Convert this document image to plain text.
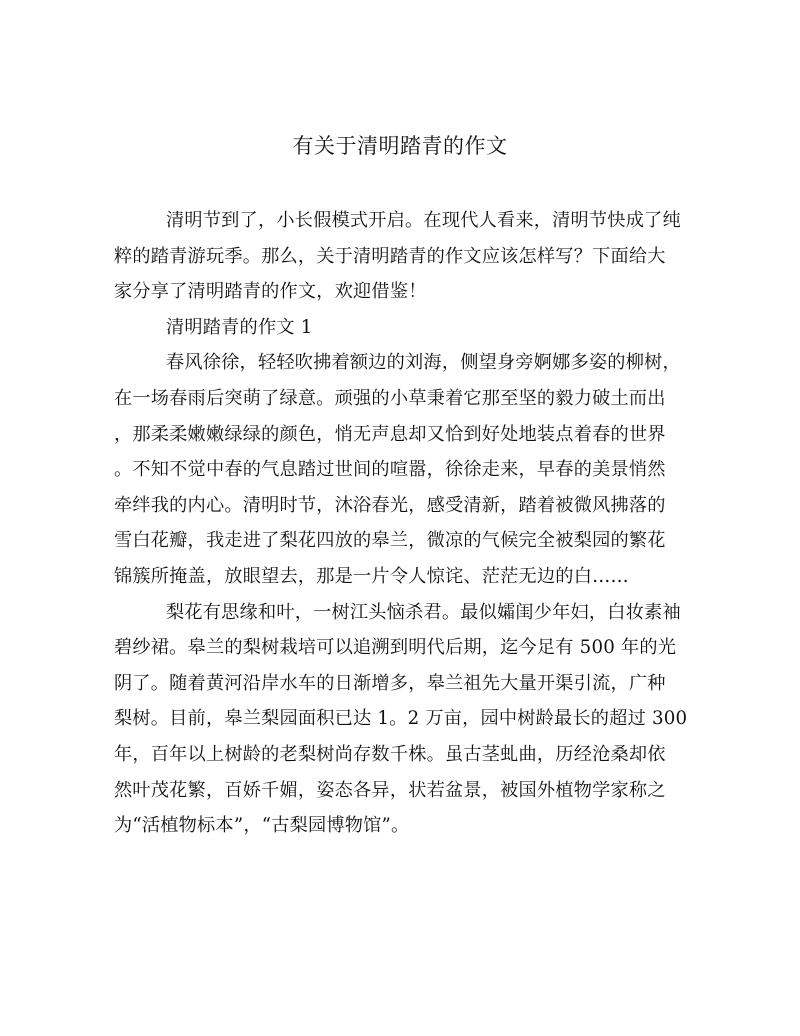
有关于清明踏青的作文
清明节到了，小长假模式开启。在现代人看来，清明节快成了纯
粹的踏青游玩季。那么，关于清明踏青的作文应该怎样写？下面给大
家分享了清明踏青的作文，欢迎借鉴！
清明踏青的作文 1
春风徐徐，轻轻吹拂着额边的刘海，侧望身旁婀娜多姿的柳树，
在一场春雨后突萌了绿意。顽强的小草秉着它那至坚的毅力破土而出
，那柔柔嫩嫩绿绿的颜色，悄无声息却又恰到好处地装点着春的世界
。不知不觉中春的气息踏过世间的喧嚣，徐徐走来，早春的美景悄然
牵绊我的内心。清明时节，沐浴春光，感受清新，踏着被微风拂落的
雪白花瓣，我走进了梨花四放的皋兰，微凉的气候完全被梨园的繁花
锦簇所掩盖，放眼望去，那是一片令人惊诧、茫茫无边的白……
梨花有思缘和叶，一树江头恼杀君。最似孀闺少年妇，白妆素袖
碧纱裙。皋兰的梨树栽培可以追溯到明代后期，迄今足有 500 年的光
阴了。随着黄河沿岸水车的日渐增多，皋兰祖先大量开渠引流，广种
梨树。目前，皋兰梨园面积已达 1。2 万亩，园中树龄最长的超过 300
年，百年以上树龄的老梨树尚存数千株。虽古茎虬曲，历经沧桑却依
然叶茂花繁，百娇千媚，姿态各异，状若盆景，被国外植物学家称之
为“活植物标本”，“古梨园博物馆”。
